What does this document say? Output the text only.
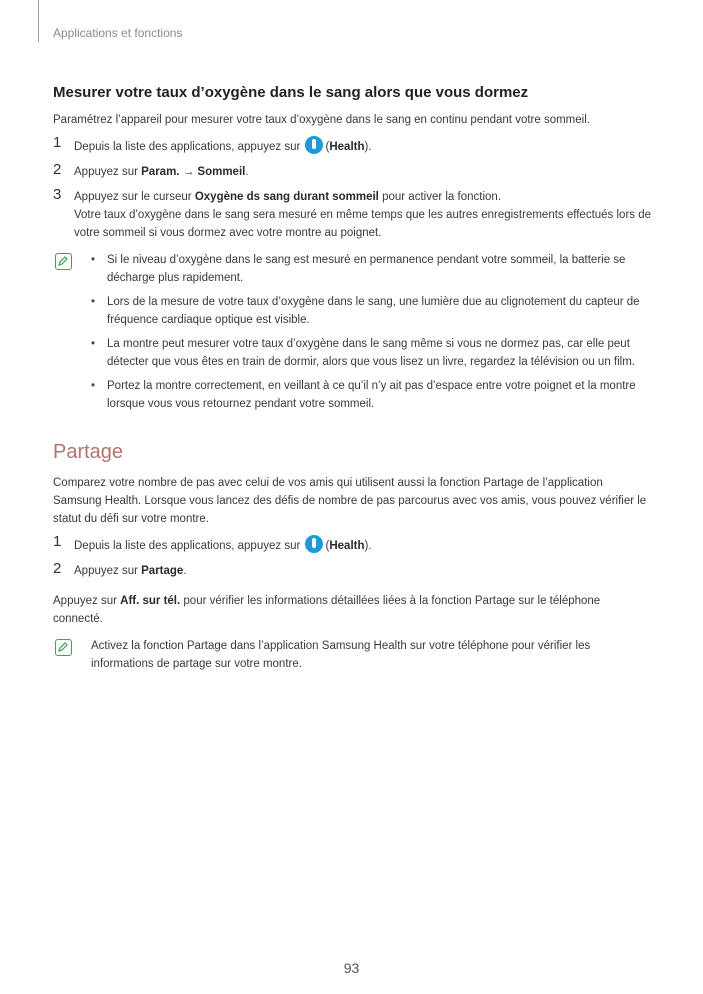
Applications et fonctions
Mesurer votre taux d’oxygène dans le sang alors que vous dormez

Paramétrez l’appareil pour mesurer votre taux d’oxygène dans le sang en continu pendant votre sommeil.

1 Depuis la liste des applications, appuyez sur (Health).
2 Appuyez sur Param. → Sommeil.
3 Appuyez sur le curseur Oxygène ds sang durant sommeil pour activer la fonction.
Votre taux d’oxygène dans le sang sera mesuré en même temps que les autres enregistrements effectués lors de votre sommeil si vous dormez avec votre montre au poignet.
• Si le niveau d’oxygène dans le sang est mesuré en permanence pendant votre sommeil, la batterie se décharge plus rapidement.
• Lors de la mesure de votre taux d’oxygène dans le sang, une lumière due au clignotement du capteur de fréquence cardiaque optique est visible.
• La montre peut mesurer votre taux d’oxygène dans le sang même si vous ne dormez pas, car elle peut détecter que vous êtes en train de dormir, alors que vous lisez un livre, regardez la télévision ou un film.
• Portez la montre correctement, en veillant à ce qu’il n’y ait pas d’espace entre votre poignet et la montre lorsque vous vous retournez pendant votre sommeil.
Partage

Comparez votre nombre de pas avec celui de vos amis qui utilisent aussi la fonction Partage de l’application Samsung Health. Lorsque vous lancez des défis de nombre de pas parcourus avec vos amis, vous pouvez vérifier le statut du défi sur votre montre.

1 Depuis la liste des applications, appuyez sur (Health).
2 Appuyez sur Partage.

Appuyez sur Aff. sur tél. pour vérifier les informations détaillées liées à la fonction Partage sur le téléphone connecté.

Activez la fonction Partage dans l’application Samsung Health sur votre téléphone pour vérifier les informations de partage sur votre montre.

93
